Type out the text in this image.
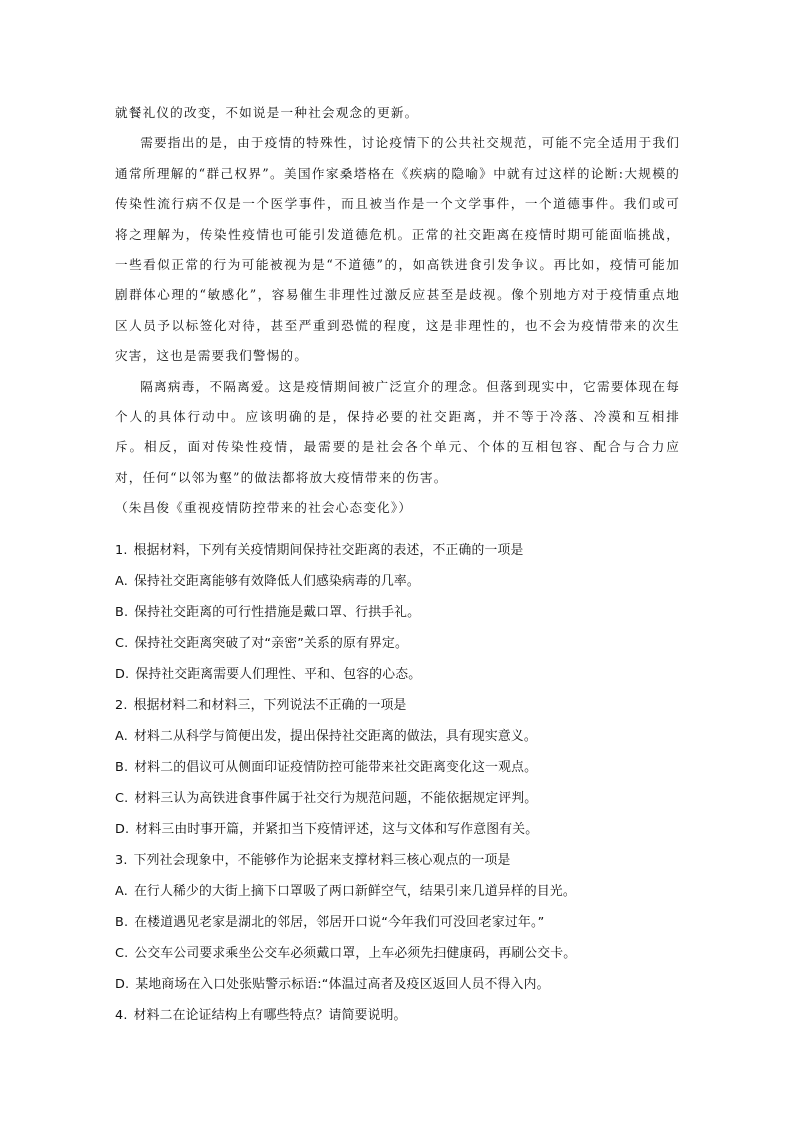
就餐礼仪的改变，不如说是一种社会观念的更新。

需要指出的是，由于疫情的特殊性，讨论疫情下的公共社交规范，可能不完全适用于我们通常所理解的“群己权界”。美国作家桑塔格在《疾病的隐喻》中就有过这样的论断:大规模的传染性流行病不仅是一个医学事件，而且被当作是一个文学事件，一个道德事件。我们或可将之理解为，传染性疫情也可能引发道德危机。正常的社交距离在疫情时期可能面临挑战，一些看似正常的行为可能被视为是“不道德”的，如高铁进食引发争议。再比如，疫情可能加剧群体心理的“敏感化”，容易催生非理性过激反应甚至是歧视。像个别地方对于疫情重点地区人员予以标签化对待，甚至严重到恐慌的程度，这是非理性的，也不会为疫情带来的次生灾害，这也是需要我们警惕的。

隔离病毒，不隔离爱。这是疫情期间被广泛宣介的理念。但落到现实中，它需要体现在每个人的具体行动中。应该明确的是，保持必要的社交距离，并不等于冷落、冷漠和互相排斥。相反，面对传染性疫情，最需要的是社会各个单元、个体的互相包容、配合与合力应对，任何“以邻为壑”的做法都将放大疫情带来的伤害。

（朱昌俊《重视疫情防控带来的社会心态变化》）

1. 根据材料，下列有关疫情期间保持社交距离的表述，不正确的一项是
A. 保持社交距离能够有效降低人们感染病毒的几率。
B. 保持社交距离的可行性措施是戴口罩、行拱手礼。
C. 保持社交距离突破了对“亲密”关系的原有界定。
D. 保持社交距离需要人们理性、平和、包容的心态。
2. 根据材料二和材料三，下列说法不正确的一项是
A. 材料二从科学与简便出发，提出保持社交距离的做法，具有现实意义。
B. 材料二的倡议可从侧面印证疫情防控可能带来社交距离变化这一观点。
C. 材料三认为高铁进食事件属于社交行为规范问题，不能依据规定评判。
D. 材料三由时事开篇，并紧扣当下疫情评述，这与文体和写作意图有关。
3. 下列社会现象中，不能够作为论据来支撑材料三核心观点的一项是
A. 在行人稀少的大街上摘下口罩吸了两口新鲜空气，结果引来几道异样的目光。
B. 在楼道遇见老家是湖北的邻居，邻居开口说“今年我们可没回老家过年。”
C. 公交车公司要求乘坐公交车必须戴口罩，上车必须先扫健康码，再刷公交卡。
D. 某地商场在入口处张贴警示标语:“体温过高者及疫区返回人员不得入内。
4. 材料二在论证结构上有哪些特点？请简要说明。
